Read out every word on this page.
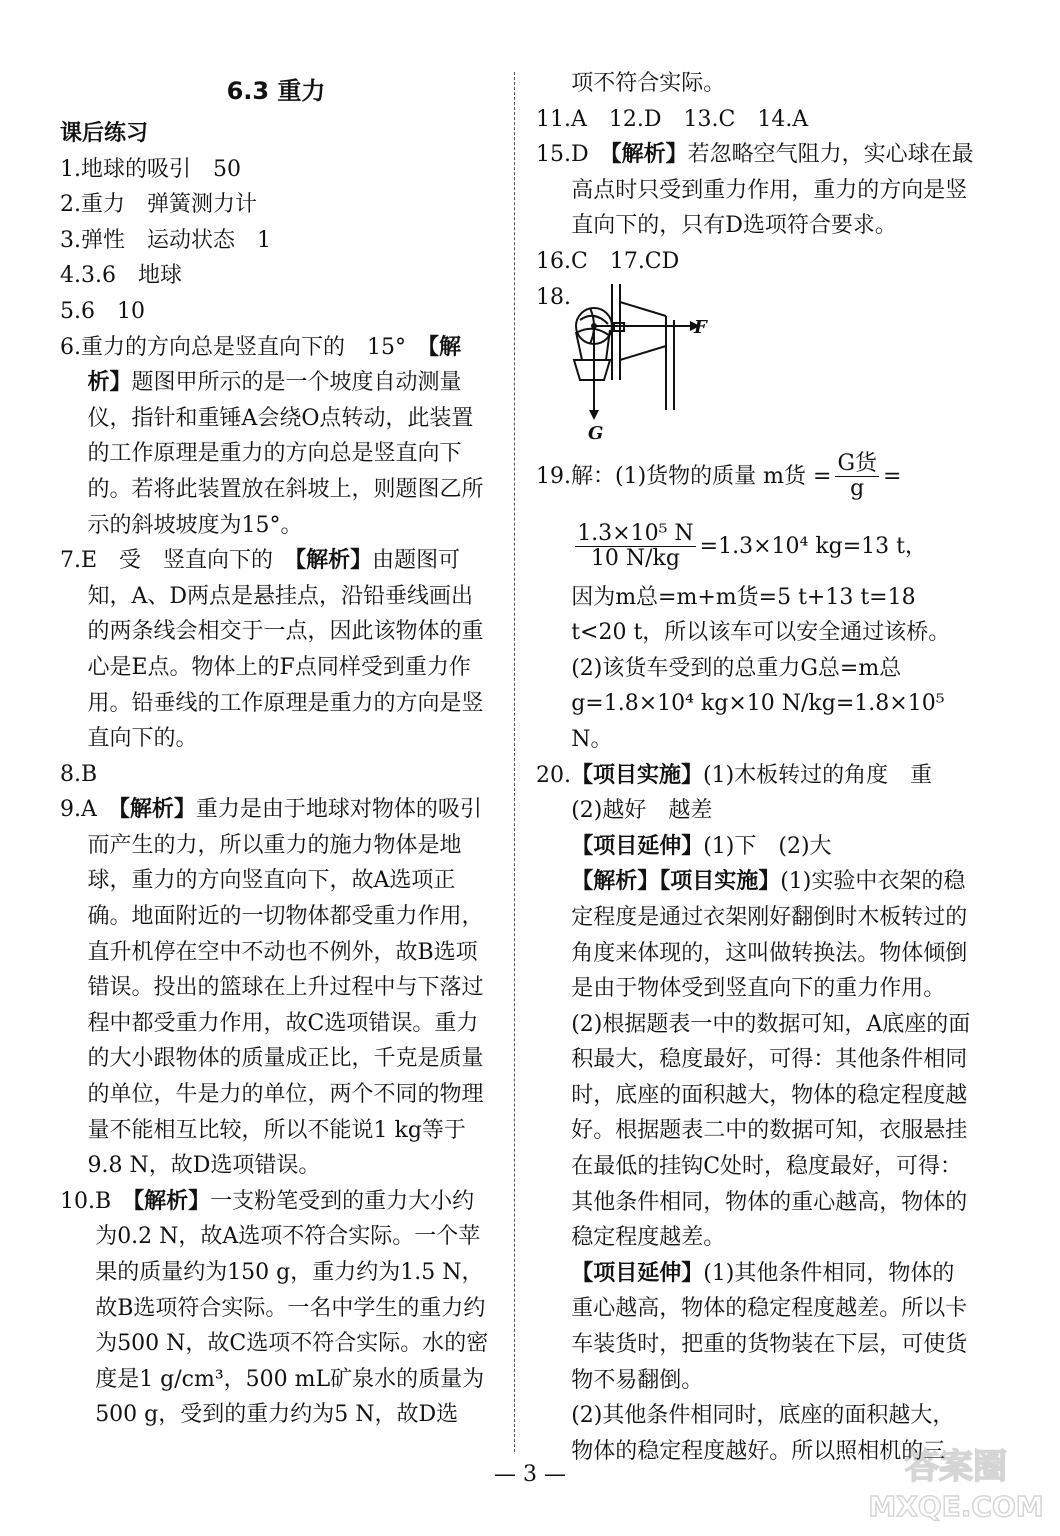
6.3 重力
课后练习
1.地球的吸引　50
2.重力　弹簧测力计
3.弹性　运动状态　1
4.3.6　地球
5.6　10
6.重力的方向总是竖直向下的　15°　【解析】题图甲所示的是一个坡度自动测量仪，指针和重锤A会绕O点转动，此装置的工作原理是重力的方向总是竖直向下的。若将此装置放在斜坡上，则题图乙所示的斜坡坡度为15°。
7.E　受　竖直向下的　【解析】由题图可知，A、D两点是悬挂点，沿铅垂线画出的两条线会相交于一点，因此该物体的重心是E点。物体上的F点同样受到重力作用。铅垂线的工作原理是重力的方向是竖直向下的。
8.B
9.A　【解析】重力是由于地球对物体的吸引而产生的力，所以重力的施力物体是地球，重力的方向竖直向下，故A选项正确。地面附近的一切物体都受重力作用，直升机停在空中不动也不例外，故B选项错误。投出的篮球在上升过程中与下落过程中都受重力作用，故C选项错误。重力的大小跟物体的质量成正比，千克是质量的单位，牛是力的单位，两个不同的物理量不能相互比较，所以不能说1 kg等于9.8 N，故D选项错误。
10.B　【解析】一支粉笔受到的重力大小约为0.2 N，故A选项不符合实际。一个苹果的质量约为150 g，重力约为1.5 N，故B选项符合实际。一名中学生的重力约为500 N，故C选项不符合实际。水的密度是1 g/cm³，500 mL矿泉水的质量为500 g，受到的重力约为5 N，故D选
项不符合实际。
11.A　12.D　13.C　14.A
15.D　【解析】若忽略空气阻力，实心球在最高点时只受到重力作用，重力的方向是竖直向下的，只有D选项符合要求。
16.C　17.CD
18.
F
G
19.解：(1)货物的质量 m货 = $\frac{\text{G货}}{g}$ =
$\frac{\text{1.3×10⁵ N}}{10 N/kg} =1.3\times 10^4$ kg=13 t，
因为m总=m+m货=5 t+13 t=18 t<20 t，所以该车可以安全通过该桥。
(2)该货车受到的总重力G总=m总g=1.8×10⁴ kg×10 N/kg=1.8×10⁵ N。
20.【项目实施】(1)木板转过的角度　重
(2)越好　越差
【项目延伸】(1)下　(2)大
【解析】【项目实施】(1)实验中衣架的稳定程度是通过衣架刚好翻倒时木板转过的角度来体现的，这叫做转换法。物体倾倒是由于物体受到竖直向下的重力作用。
(2)根据题表一中的数据可知，A底座的面积最大，稳度最好，可得：其他条件相同时，底座的面积越大，物体的稳定程度越好。根据题表二中的数据可知，衣服悬挂在最低的挂钩C处时，稳度最好，可得：其他条件相同，物体的重心越高，物体的稳定程度越差。
【项目延伸】(1)其他条件相同，物体的重心越高，物体的稳定程度越差。所以卡车装货时，把重的货物装在下层，可使货物不易翻倒。
(2)其他条件相同时，底座的面积越大，物体的稳定程度越好。所以照相机的三
— 3 —	答案圈
MXQE.COM
